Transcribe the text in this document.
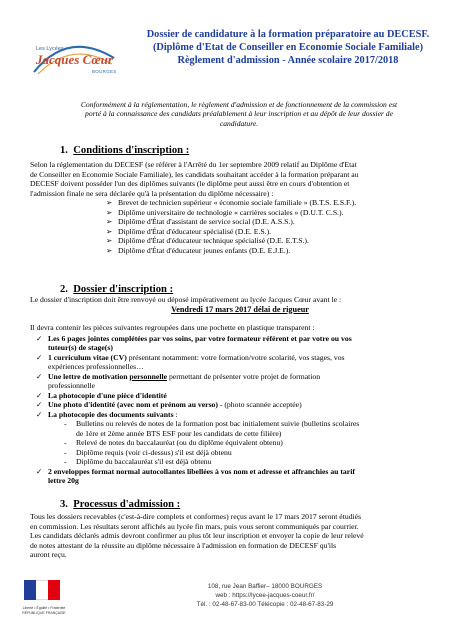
Les Lycées
Jacques Cœur
BOURGES
Dossier de candidature à la formation préparatoire au DECESF.
(Diplôme d'Etat de Conseiller en Economie Sociale Familiale)
Règlement d'admission - Année scolaire 2017/2018
Conformément à la réglementation, le règlement d'admission et de fonctionnement de la commission est
porté à la connaissance des candidats préalablement à leur inscription et au dépôt de leur dossier de
candidature.
1. Conditions d'inscription :
Selon la réglementation du DECESF (se référer à l'Arrêté du 1er septembre 2009 relatif au Diplôme d'Etat
de Conseiller en Economie Sociale Familiale), les candidats souhaitant accéder à la formation préparant au
DECESF doivent posséder l'un des diplômes suivants (le diplôme peut aussi être en cours d'obtention et
l'admission finale ne sera déclarée qu'à la présentation du diplôme nécessaire) :
➢ Brevet de technicien supérieur « économie sociale familiale » (B.T.S. E.S.F.).
➢ Diplôme universitaire de technologie « carrières sociales » (D.U.T. C.S.).
➢ Diplôme d'État d'assistant de service social (D.E. A.S.S.).
➢ Diplôme d'État d'éducateur spécialisé (D.E. E.S.).
➢ Diplôme d'État d'éducateur technique spécialisé (D.E. E.T.S.).
➢ Diplôme d'État d'éducateur jeunes enfants (D.E. E.J.E.).
2. Dossier d'inscription :
Le dossier d'inscription doit être renvoyé ou déposé impérativement au lycée Jacques Cœur avant le :
Vendredi 17 mars 2017 délai de rigueur
Il devra contenir les pièces suivantes regroupées dans une pochette en plastique transparent :
✓ Les 6 pages jointes complétées par vos soins, par votre formateur référent et par votre ou vos
tuteur(s) de stage(s)
✓ 1 curriculum vitae (CV) présentant notamment: votre formation/votre scolarité, vos stages, vos
expériences professionnelles…
✓ Une lettre de motivation personnelle permettant de présenter votre projet de formation
professionnelle
✓ La photocopie d'une pièce d'identité
✓ Une photo d'identité (avec nom et prénom au verso) - (photo scannée acceptée)
✓ La photocopie des documents suivants :
- Bulletins ou relevés de notes de la formation post bac initialement suivie (bulletins scolaires
de 1ère et 2ème année BTS ESF pour les candidats de cette filière)
- Relevé de notes du baccalauréat (ou du diplôme équivalent obtenu)
- Diplôme requis (voir ci-dessus) s'il est déjà obtenu
- Diplôme du baccalauréat s'il est déjà obtenu
✓ 2 enveloppes format normal autocollantes libellées à vos nom et adresse et affranchies au tarif
lettre 20g
3. Processus d'admission :
Tous les dossiers recevables (c'est-à-dire complets et conformes) reçus avant le 17 mars 2017 seront étudiés
en commission. Les résultats seront affichés au lycée fin mars, puis vous seront communiqués par courrier.
Les candidats déclarés admis devront confirmer au plus tôt leur inscription et envoyer la copie de leur relevé
de notes attestant de la réussite au diplôme nécessaire à l'admission en formation de DECESF qu'ils
auront reçu.
Liberté • Égalité • Fraternité
RÉPUBLIQUE FRANÇAISE
108, rue Jean Baffier– 18000 BOURGES
web : https://lycee-jacques-coeur.fr/
Tél. : 02-48-67-83-00 Télécopie : 02-48-67-83-29
